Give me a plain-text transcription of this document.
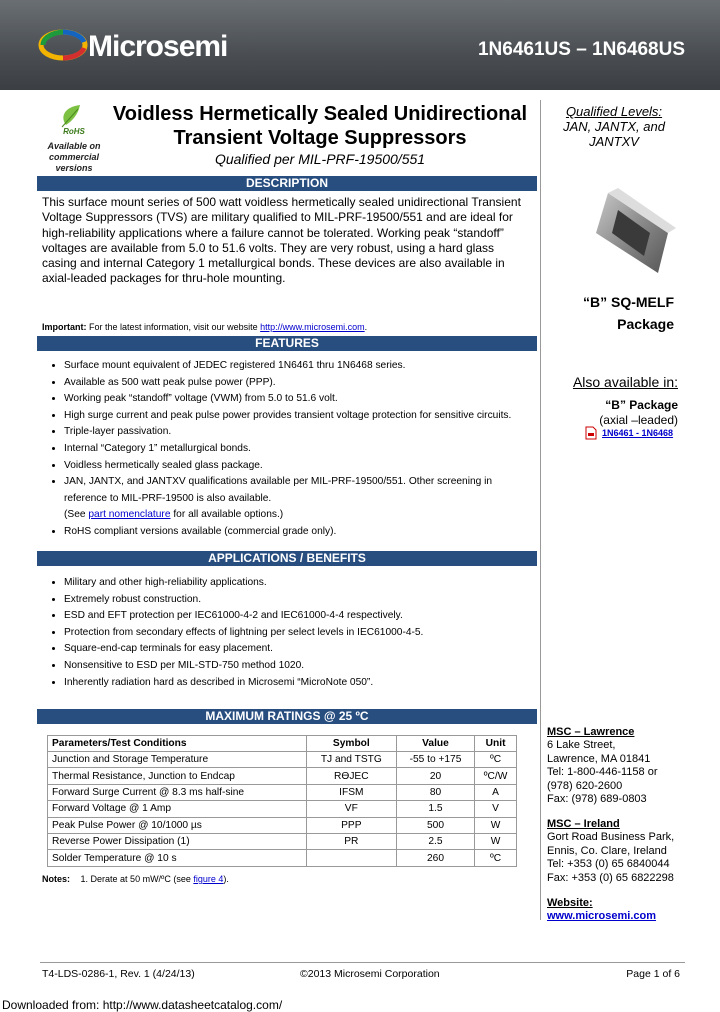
Microsemi	1N6461US – 1N6468US
RoHS
Available on commercial versions
Voidless Hermetically Sealed Unidirectional
Transient Voltage Suppressors
Qualified per MIL-PRF-19500/551
Qualified Levels:
JAN, JANTX, and
JANTXV
DESCRIPTION
This surface mount series of 500 watt voidless hermetically sealed unidirectional Transient Voltage Suppressors (TVS) are military qualified to MIL-PRF-19500/551 and are ideal for high-reliability applications where a failure cannot be tolerated. Working peak “standoff” voltages are available from 5.0 to 51.6 volts. They are very robust, using a hard glass casing and internal Category 1 metallurgical bonds. These devices are also available in axial-leaded packages for thru-hole mounting.
Important: For the latest information, visit our website http://www.microsemi.com.
“B” SQ-MELF
Package
Also available in:
“B” Package
(axial –leaded)
1N6461 - 1N6468
FEATURES
• Surface mount equivalent of JEDEC registered 1N6461 thru 1N6468 series.
• Available as 500 watt peak pulse power (PPP).
• Working peak “standoff” voltage (VWM) from 5.0 to 51.6 volt.
• High surge current and peak pulse power provides transient voltage protection for sensitive circuits.
• Triple-layer passivation.
• Internal “Category 1” metallurgical bonds.
• Voidless hermetically sealed glass package.
• JAN, JANTX, and JANTXV qualifications available per MIL-PRF-19500/551. Other screening in reference to MIL-PRF-19500 is also available.
(See part nomenclature for all available options.)
• RoHS compliant versions available (commercial grade only).
APPLICATIONS / BENEFITS
• Military and other high-reliability applications.
• Extremely robust construction.
• ESD and EFT protection per IEC61000-4-2 and IEC61000-4-4 respectively.
• Protection from secondary effects of lightning per select levels in IEC61000-4-5.
• Square-end-cap terminals for easy placement.
• Nonsensitive to ESD per MIL-STD-750 method 1020.
• Inherently radiation hard as described in Microsemi “MicroNote 050”.
MAXIMUM RATINGS @ 25 ºC
Parameters/Test Conditions	Symbol	Value	Unit
Junction and Storage Temperature	TJ and TSTG	-55 to +175	ºC
Thermal Resistance, Junction to Endcap	RӨJEC	20	ºC/W
Forward Surge Current @ 8.3 ms half-sine	IFSM	80	A
Forward Voltage @ 1 Amp	VF	1.5	V
Peak Pulse Power @ 10/1000 µs	PPP	500	W
Reverse Power Dissipation (1)	PR	2.5	W
Solder Temperature @ 10 s		260	ºC
Notes: 1. Derate at 50 mW/ºC (see figure 4).
MSC – Lawrence
6 Lake Street,
Lawrence, MA 01841
Tel: 1-800-446-1158 or
(978) 620-2600
Fax: (978) 689-0803
MSC – Ireland
Gort Road Business Park,
Ennis, Co. Clare, Ireland
Tel: +353 (0) 65 6840044
Fax: +353 (0) 65 6822298
Website:
www.microsemi.com
T4-LDS-0286-1, Rev. 1 (4/24/13)	©2013 Microsemi Corporation	Page 1 of 6
Downloaded from: http://www.datasheetcatalog.com/
